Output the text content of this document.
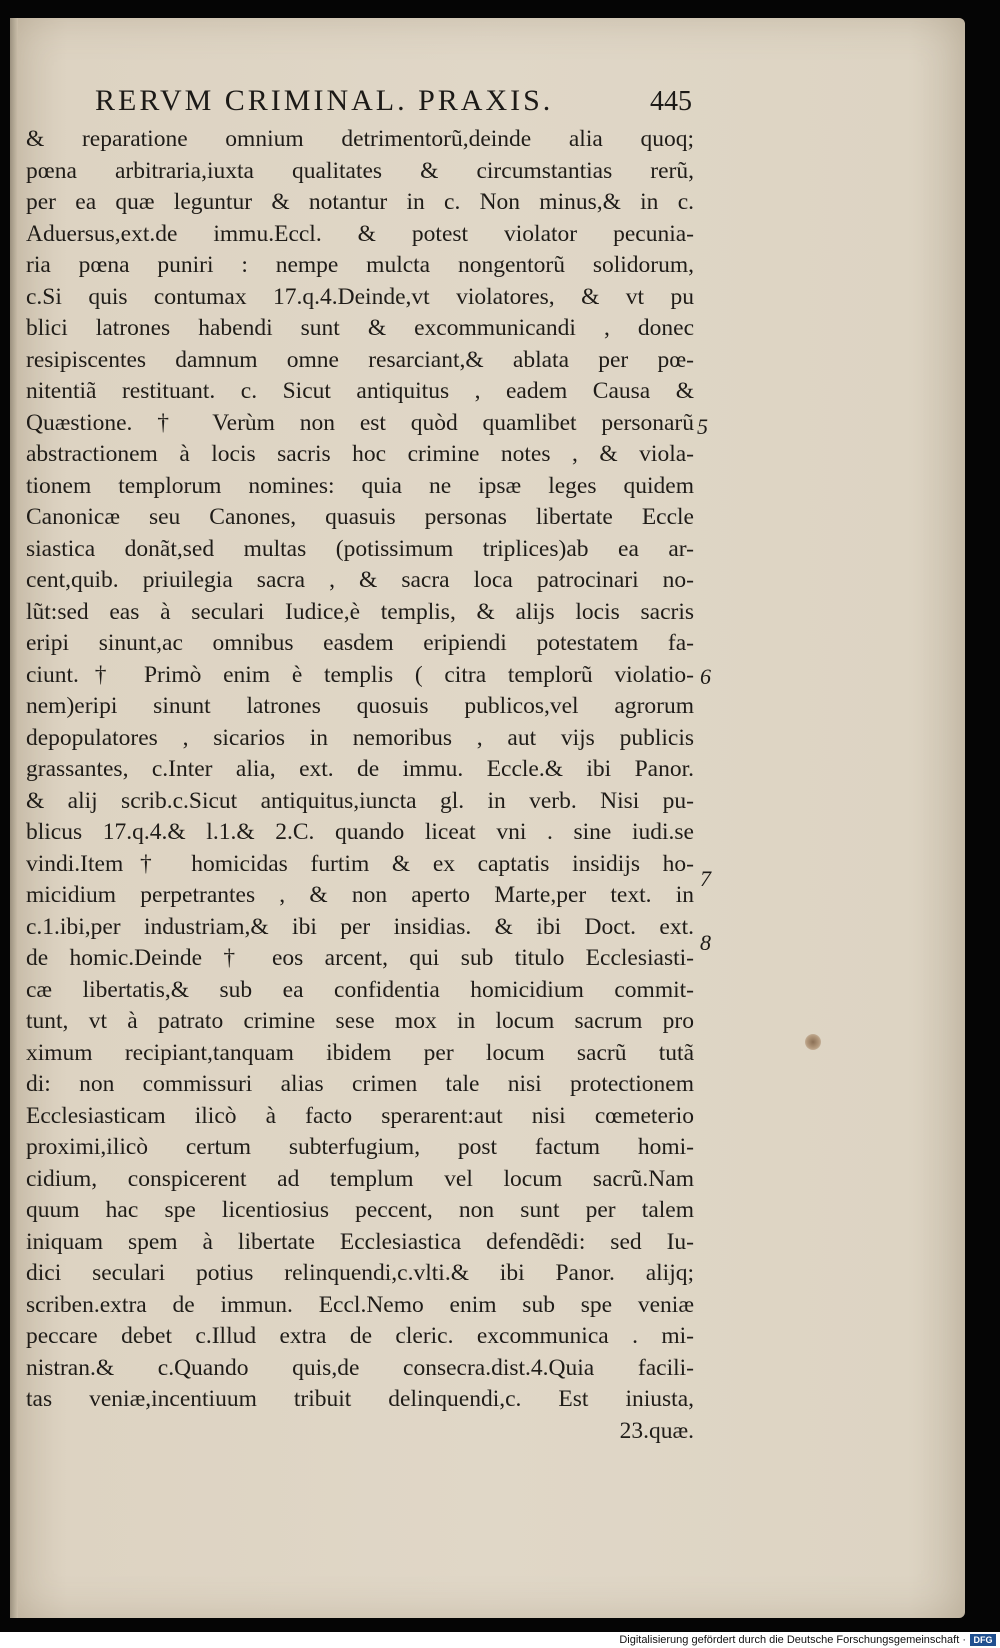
RERVM CRIMINAL. PRAXIS.	445
& reparatione omnium detrimentorũ,deinde alia quoq;
pœna arbitraria,iuxta qualitates & circumstantias rerũ,
per ea quæ leguntur & notantur in c. Non minus,& in c.
Aduersus,ext.de immu.Eccl. & potest violator pecunia-
ria pœna puniri : nempe mulcta nongentorũ solidorum,
c.Si quis contumax 17.q.4.Deinde,vt violatores, & vt pu
blici latrones habendi sunt & excommunicandi , donec
resipiscentes damnum omne resarciant,& ablata per pœ-
nitentiã restituant. c. Sicut antiquitus , eadem Causa &
Quæstione. † Verùm non est quòd quamlibet personarũ
abstractionem à locis sacris hoc crimine notes , & viola-
tionem templorum nomines: quia ne ipsæ leges quidem
Canonicæ seu Canones, quasuis personas libertate Eccle
siastica donãt,sed multas (potissimum triplices)ab ea ar-
cent,quib. priuilegia sacra , & sacra loca patrocinari no-
lũt:sed eas à seculari Iudice,è templis, & alijs locis sacris
eripi sinunt,ac omnibus easdem eripiendi potestatem fa-
ciunt.† Primò enim è templis ( citra templorũ violatio-
nem)eripi sinunt latrones quosuis publicos,vel agrorum
depopulatores , sicarios in nemoribus , aut vijs publicis
grassantes, c.Inter alia, ext. de immu. Eccle.& ibi Panor.
& alij scrib.c.Sicut antiquitus,iuncta gl. in verb. Nisi pu-
blicus 17.q.4.& l.1.& 2.C. quando liceat vni . sine iudi.se
vindi.Item† homicidas furtim & ex captatis insidijs ho-
micidium perpetrantes , & non aperto Marte,per text. in
c.1.ibi,per industriam,& ibi per insidias. & ibi Doct. ext.
de homic.Deinde † eos arcent, qui sub titulo Ecclesiasti-
cæ libertatis,& sub ea confidentia homicidium commit-
tunt, vt à patrato crimine sese mox in locum sacrum pro
ximum recipiant,tanquam ibidem per locum sacrũ tutã
di: non commissuri alias crimen tale nisi protectionem
Ecclesiasticam ilicò à facto sperarent:aut nisi cœmeterio
proximi,ilicò certum subterfugium, post factum homi-
cidium, conspicerent ad templum vel locum sacrũ.Nam
quum hac spe licentiosius peccent, non sunt per talem
iniquam spem à libertate Ecclesiastica defendẽdi: sed Iu-
dici seculari potius relinquendi,c.vlti.& ibi Panor. alijq;
scriben.extra de immun. Eccl.Nemo enim sub spe veniæ
peccare debet c.Illud extra de cleric. excommunica . mi-
nistran.& c.Quando quis,de consecra.dist.4.Quia facili-
tas veniæ,incentiuum tribuit delinquendi,c. Est iniusta,
23.quæ.
5
6
7
8
Digitalisierung gefördert durch die Deutsche Forschungsgemeinschaft · DFG
